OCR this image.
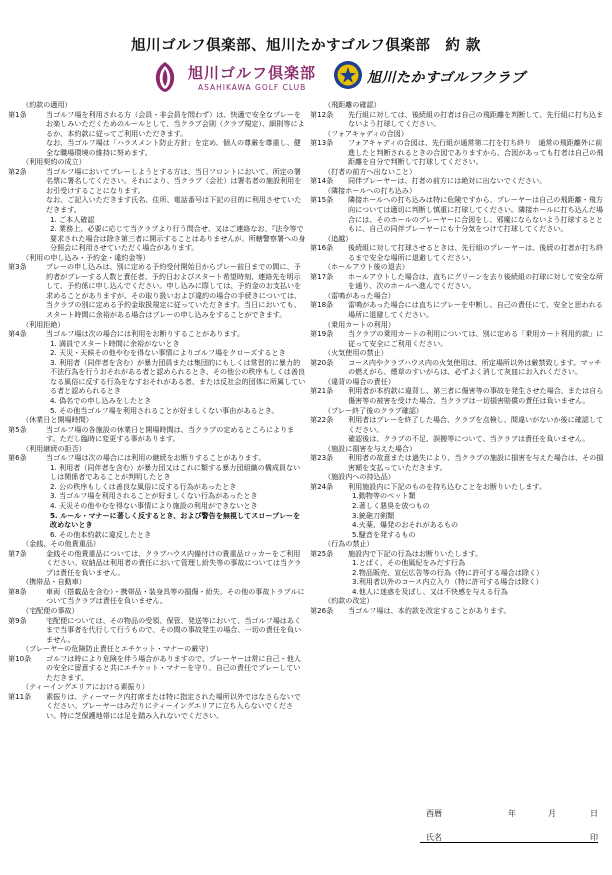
旭川ゴルフ倶楽部、旭川たかすゴルフ倶楽部　約 款
旭川ゴルフ倶楽部
ASAHIKAWA GOLF CLUB
旭川たかすゴルフクラブ
（約款の適用）
第1条	当ゴルフ場を利用される方（会員・非会員を問わず）は、快適で安全なプレーをお楽しみいただくためのルールとして、当クラブ会則（クラブ規定）、細則等によるか、本約款に従ってご利用いただきます。
なお、当ゴルフ場は「ハラスメント防止方針」を定め、個人の尊厳を尊重し、健全な職場環境の維持に努めます。
（利用契約の成立）
第2条	当ゴルフ場においてプレーしようとする方は、当日フロントにおいて、所定の署名票に署名してください。それにより、当クラブ（会社）は署名者の施設利用をお引受けすることになります。
なお、ご記入いただきます氏名、住所、電話番号は下記の目的に利用させていただきます。
1. ご本人確認
2. 業務上、必要に応じて当クラブより行う問合せ、又はご連絡なお、『法令等で要求された場合は除き第三者に開示することはありませんが、所轄警察署への身分照会に利用させていただく場合があります。
（利用の申し込み・予約金・違約金等）
第3条	プレーの申し込みは、別に定める予約受付開始日からプレー前日までの間に、予約者がプレーする人数と責任者、予約日およびスタート希望時刻、連絡先を明示して、予約係に申し込んでください。申し込みに際しては、予約金のお支払いを求めることがありますが、その取り扱いおよび違約の場合の手続きについては、当クラブの別に定める予約金取扱規定に従っていただきます。当日においても、スタート時間に余裕がある場合はプレーの申し込みをすることができます。
（利用拒絶）
第4条	当ゴルフ場は次の場合には利用をお断りすることがあります。
1. 満員でスタート時間に余裕がないとき
2. 天災・天候その他やむを得ない事情によりゴルフ場をクローズするとき
3. 利用者（同伴者を含む）が暴力団員または集団的にもしくは常習的に暴力的不法行為を行うおそれがある者と認められるとき、その他公の秩序もしくは善良なる風俗に反する行為をなすおそれがある者、または反社会的団体に所属している者と認められるとき
4. 偽名での申し込みをしたとき
5. その他当ゴルフ場を利用されることが好ましくない事由があるとき。
（休業日と開場時間）
第5条	当ゴルフ場の各施設の休業日と開場時間は、当クラブの定めるところによります。ただし臨時に変更する事があります。
（利用継続の拒否）
第6条	当ゴルフ場は次の場合には利用の継続をお断りすることがあります。
1. 利用者（同伴者を含む）が暴力団又はこれに類する暴力団組織の構成員ないしは関係者であることが判明したとき
2. 公の秩序もしくは善良な風俗に反する行為があったとき
3. 当ゴルフ場を利用されることが好ましくない行為があったとき
4. 天災その他やむを得ない事情により施設の利用ができないとき
5. ルール・マナーに著しく反するとき、および警告を無視してスロープレーを改めないとき
6. その他本約款に違反したとき
（金銭、その他貴重品）
第7条	金銭その他貴重品については、クラブハウス内備付けの貴重品ロッカーをご利用ください。収納品は利用者の責任において管理し紛失等の事故については当クラブは責任を負いません。
（携帯品・自動車）
第8条	車両（搭載品を含む）・携帯品・装身具等の損傷・紛失、その他の事故トラブルについて当クラブは責任を負いません。
（宅配便の事故）
第9条	宅配便については、その物品の受領、保管、発送等において、当ゴルフ場はあくまで当事者を代行して行うもので、その間の事故発生の場合、一切の責任を負いません。
（プレーヤーの危険防止責任とエチケット・マナーの厳守）
第10条	ゴルフは時により危険を伴う場合がありますので、プレーヤーは常に自己・他人の安全に留意すると共にエチケット・マナーを守り、自己の責任でプレーしていただきます。
（ティーイングエリアにおける素振り）
第11条	素振りは、ティーマーク内打席または特に指定された場所以外ではなさらないでください。プレーヤーはみだりにティーイングエリアに立ち入らないでください。特に芝保護地帯には足を踏み入れないでください。
（飛距離の確認）
第12条	先行組に対しては、後続組の打者は自己の飛距離を判断して、先行組に打ち込まないよう打球してください。
（フォアキャディの合図）
第13条	フォアキャディの合図は、先行組が通常第二打を打ち終り　通常の飛距離外に前進したと判断されるときの合図でありますから、合図があっても打者は自己の飛距離を自分で判断して打球してください。
（打者の前方へ出ないこと）
第14条	同伴プレーヤーは、打者の前方には絶対に出ないでください。
（隣接ホールへの打ち込み）
第15条	隣接ホールへの打ち込みは特に危険ですから、プレーヤーは自己の飛距離・飛方向については適切に判断し慎重に打球してください。隣接ホールに打ち込んだ場合には、そのホールのプレーヤーに合図をし、邪魔にならないよう打球するとともに、自己の同伴プレーヤーにも十分気をつけて打球してください。
（追越）
第16条	後続組に対して打球させるときは、先行組のプレーヤーは、後続の打者が打ち終るまで安全な場所に退避してください。
（ホールアウト後の退去）
第17条	ホールアウトした場合は、直ちにグリーンを去り後続組の打球に対して安全な所を通り、次のホールへ進んでください。
（雷鳴があった場合）
第18条	雷鳴があった場合には直ちにプレーを中断し、自己の責任にて、安全と思われる場所に退避してください。
（乗用カートの利用）
第19条	当クラブの乗用カートの利用については、別に定める「乗用カート利用約款」に従って安全にご利用ください。
（火気使用の禁止）
第20条	コース内やクラブハウス内の火気使用は、所定場所以外は厳禁致します。マッチの燃えがら、煙草のすいがらは、必ずよく消して灰皿にお入れください。
（違背の場合の責任）
第21条	利用者が本約款に違背し、第三者に傷害等の事故を発生させた場合、または自ら傷害等の被害を受けた場合、当クラブは一切損害賠償の責任は負いません。
（プレー終了後のクラブ確認）
第22条	利用者はプレーを終了した場合、クラブを点検し、間違いがないか後に確認してください。
確認後は、クラブの不足、誤搬等について、当クラブは責任を負いません。
（施設に損害を与えた場合）
第23条	利用者の故意または過失により、当クラブの施設に損害を与えた場合は、その損害額を支払っていただきます。
（施設内への持込品）
第24条	利用施設内に下記のものを持ち込むことをお断りいたします。
1.動物等のペット類
2.著しく悪臭を放つもの
3.銃砲刀剣類
4.火薬、爆発のおそれがあるもの
5.騒音を発するもの
（行為の禁止）
第25条	施設内で下記の行為はお断りいたします。
1.とばく、その他風紀をみだす行為
2.物品販売、宣伝広告等の行為（特に許可する場合は除く）
3.利用者以外のコース内立入り（特に許可する場合は除く）
4.他人に迷惑を及ぼし、又は不快感を与える行為
（約款の改定）
第26条	当ゴルフ場は、本約款を改定することがあります。
西暦	年	月	日
氏名	印
